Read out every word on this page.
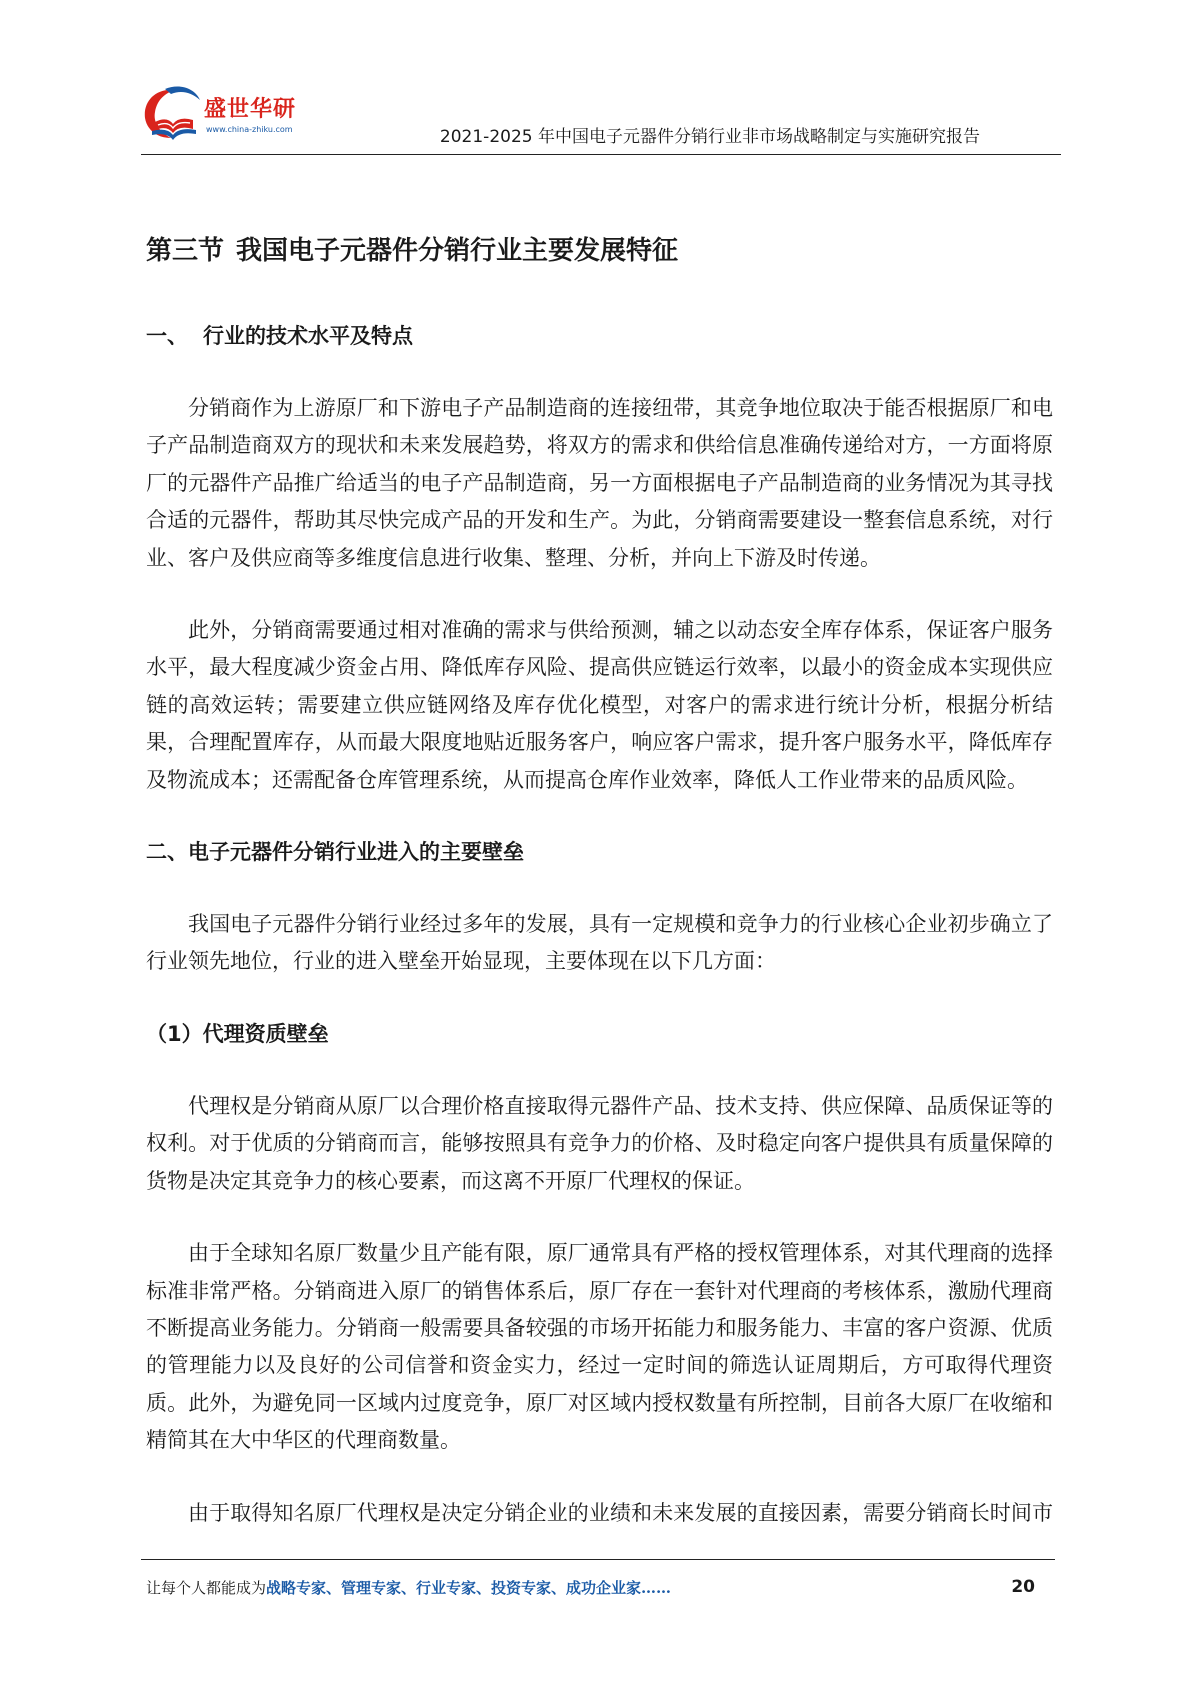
盛世华研
www.china-zhiku.com	2021-2025 年中国电子元器件分销行业非市场战略制定与实施研究报告
第三节 我国电子元器件分销行业主要发展特征
一、 行业的技术水平及特点

分销商作为上游原厂和下游电子产品制造商的连接纽带，其竞争地位取决于能否根据原厂和电子产品制造商双方的现状和未来发展趋势，将双方的需求和供给信息准确传递给对方，一方面将原厂的元器件产品推广给适当的电子产品制造商，另一方面根据电子产品制造商的业务情况为其寻找合适的元器件，帮助其尽快完成产品的开发和生产。为此，分销商需要建设一整套信息系统，对行业、客户及供应商等多维度信息进行收集、整理、分析，并向上下游及时传递。

此外，分销商需要通过相对准确的需求与供给预测，辅之以动态安全库存体系，保证客户服务水平，最大程度减少资金占用、降低库存风险、提高供应链运行效率，以最小的资金成本实现供应链的高效运转；需要建立供应链网络及库存优化模型，对客户的需求进行统计分析，根据分析结果，合理配置库存，从而最大限度地贴近服务客户，响应客户需求，提升客户服务水平，降低库存及物流成本；还需配备仓库管理系统，从而提高仓库作业效率，降低人工作业带来的品质风险。

二、电子元器件分销行业进入的主要壁垒

我国电子元器件分销行业经过多年的发展，具有一定规模和竞争力的行业核心企业初步确立了行业领先地位，行业的进入壁垒开始显现，主要体现在以下几方面：

（1）代理资质壁垒

代理权是分销商从原厂以合理价格直接取得元器件产品、技术支持、供应保障、品质保证等的权利。对于优质的分销商而言，能够按照具有竞争力的价格、及时稳定向客户提供具有质量保障的货物是决定其竞争力的核心要素，而这离不开原厂代理权的保证。

由于全球知名原厂数量少且产能有限，原厂通常具有严格的授权管理体系，对其代理商的选择标准非常严格。分销商进入原厂的销售体系后，原厂存在一套针对代理商的考核体系，激励代理商不断提高业务能力。分销商一般需要具备较强的市场开拓能力和服务能力、丰富的客户资源、优质的管理能力以及良好的公司信誉和资金实力，经过一定时间的筛选认证周期后，方可取得代理资质。此外，为避免同一区域内过度竞争，原厂对区域内授权数量有所控制，目前各大原厂在收缩和精简其在大中华区的代理商数量。

由于取得知名原厂代理权是决定分销企业的业绩和未来发展的直接因素，需要分销商长时间市

让每个人都能成为战略专家、管理专家、行业专家、投资专家、成功企业家……	20
